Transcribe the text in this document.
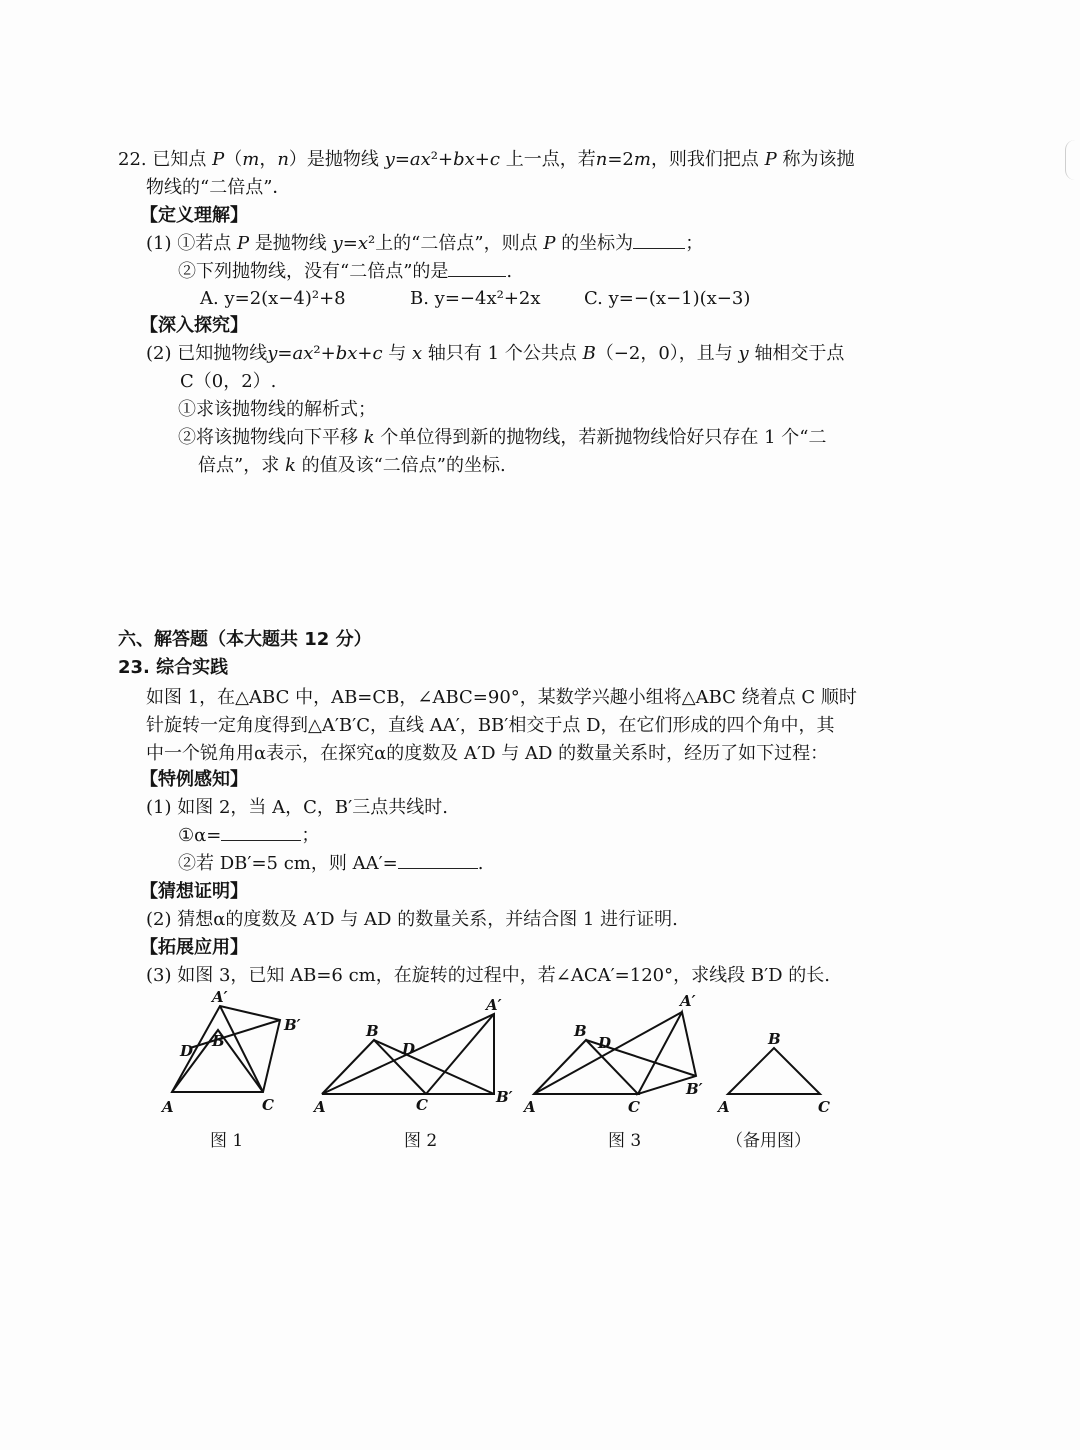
22. 已知点 P（m，n）是抛物线 y=ax²+bx+c 上一点，若n=2m，则我们把点 P 称为该抛
物线的“二倍点”．
【定义理解】
(1) ①若点 P 是抛物线 y=x²上的“二倍点”，则点 P 的坐标为	；
②下列抛物线，没有“二倍点”的是	.
A. y=2(x−4)²+8	B. y=−4x²+2x C. y=−(x−1)(x−3)
【深入探究】
(2) 已知抛物线y=ax²+bx+c 与 x 轴只有 1 个公共点 B（−2，0），且与 y 轴相交于点
C（0，2）.
①求该抛物线的解析式；
②将该抛物线向下平移 k 个单位得到新的抛物线，若新抛物线恰好只存在 1 个“二
倍点”，求 k 的值及该“二倍点”的坐标.
六、解答题（本大题共 12 分）
23. 综合实践
如图 1，在△ABC 中，AB=CB，∠ABC=90°，某数学兴趣小组将△ABC 绕着点 C 顺时
针旋转一定角度得到△A′B′C，直线 AA′，BB′相交于点 D，在它们形成的四个角中，其
中一个锐角用α表示，在探究α的度数及 A′D 与 AD 的数量关系时，经历了如下过程：
【特例感知】
(1) 如图 2，当 A，C，B′三点共线时.
①α=	；
②若 DB′=5 cm，则 AA′=	.
【猜想证明】
(2) 猜想α的度数及 A′D 与 AD 的数量关系，并结合图 1 进行证明.
【拓展应用】
(3) 如图 3，已知 AB=6 cm，在旋转的过程中，若∠ACA′=120°，求线段 B′D 的长.
A
A′
B′
B
D
C	A
B
D
C
A′
B′
A
B
D
C
A′
B′
A
B
C
图 1	图 2	图 3	（备用图）
